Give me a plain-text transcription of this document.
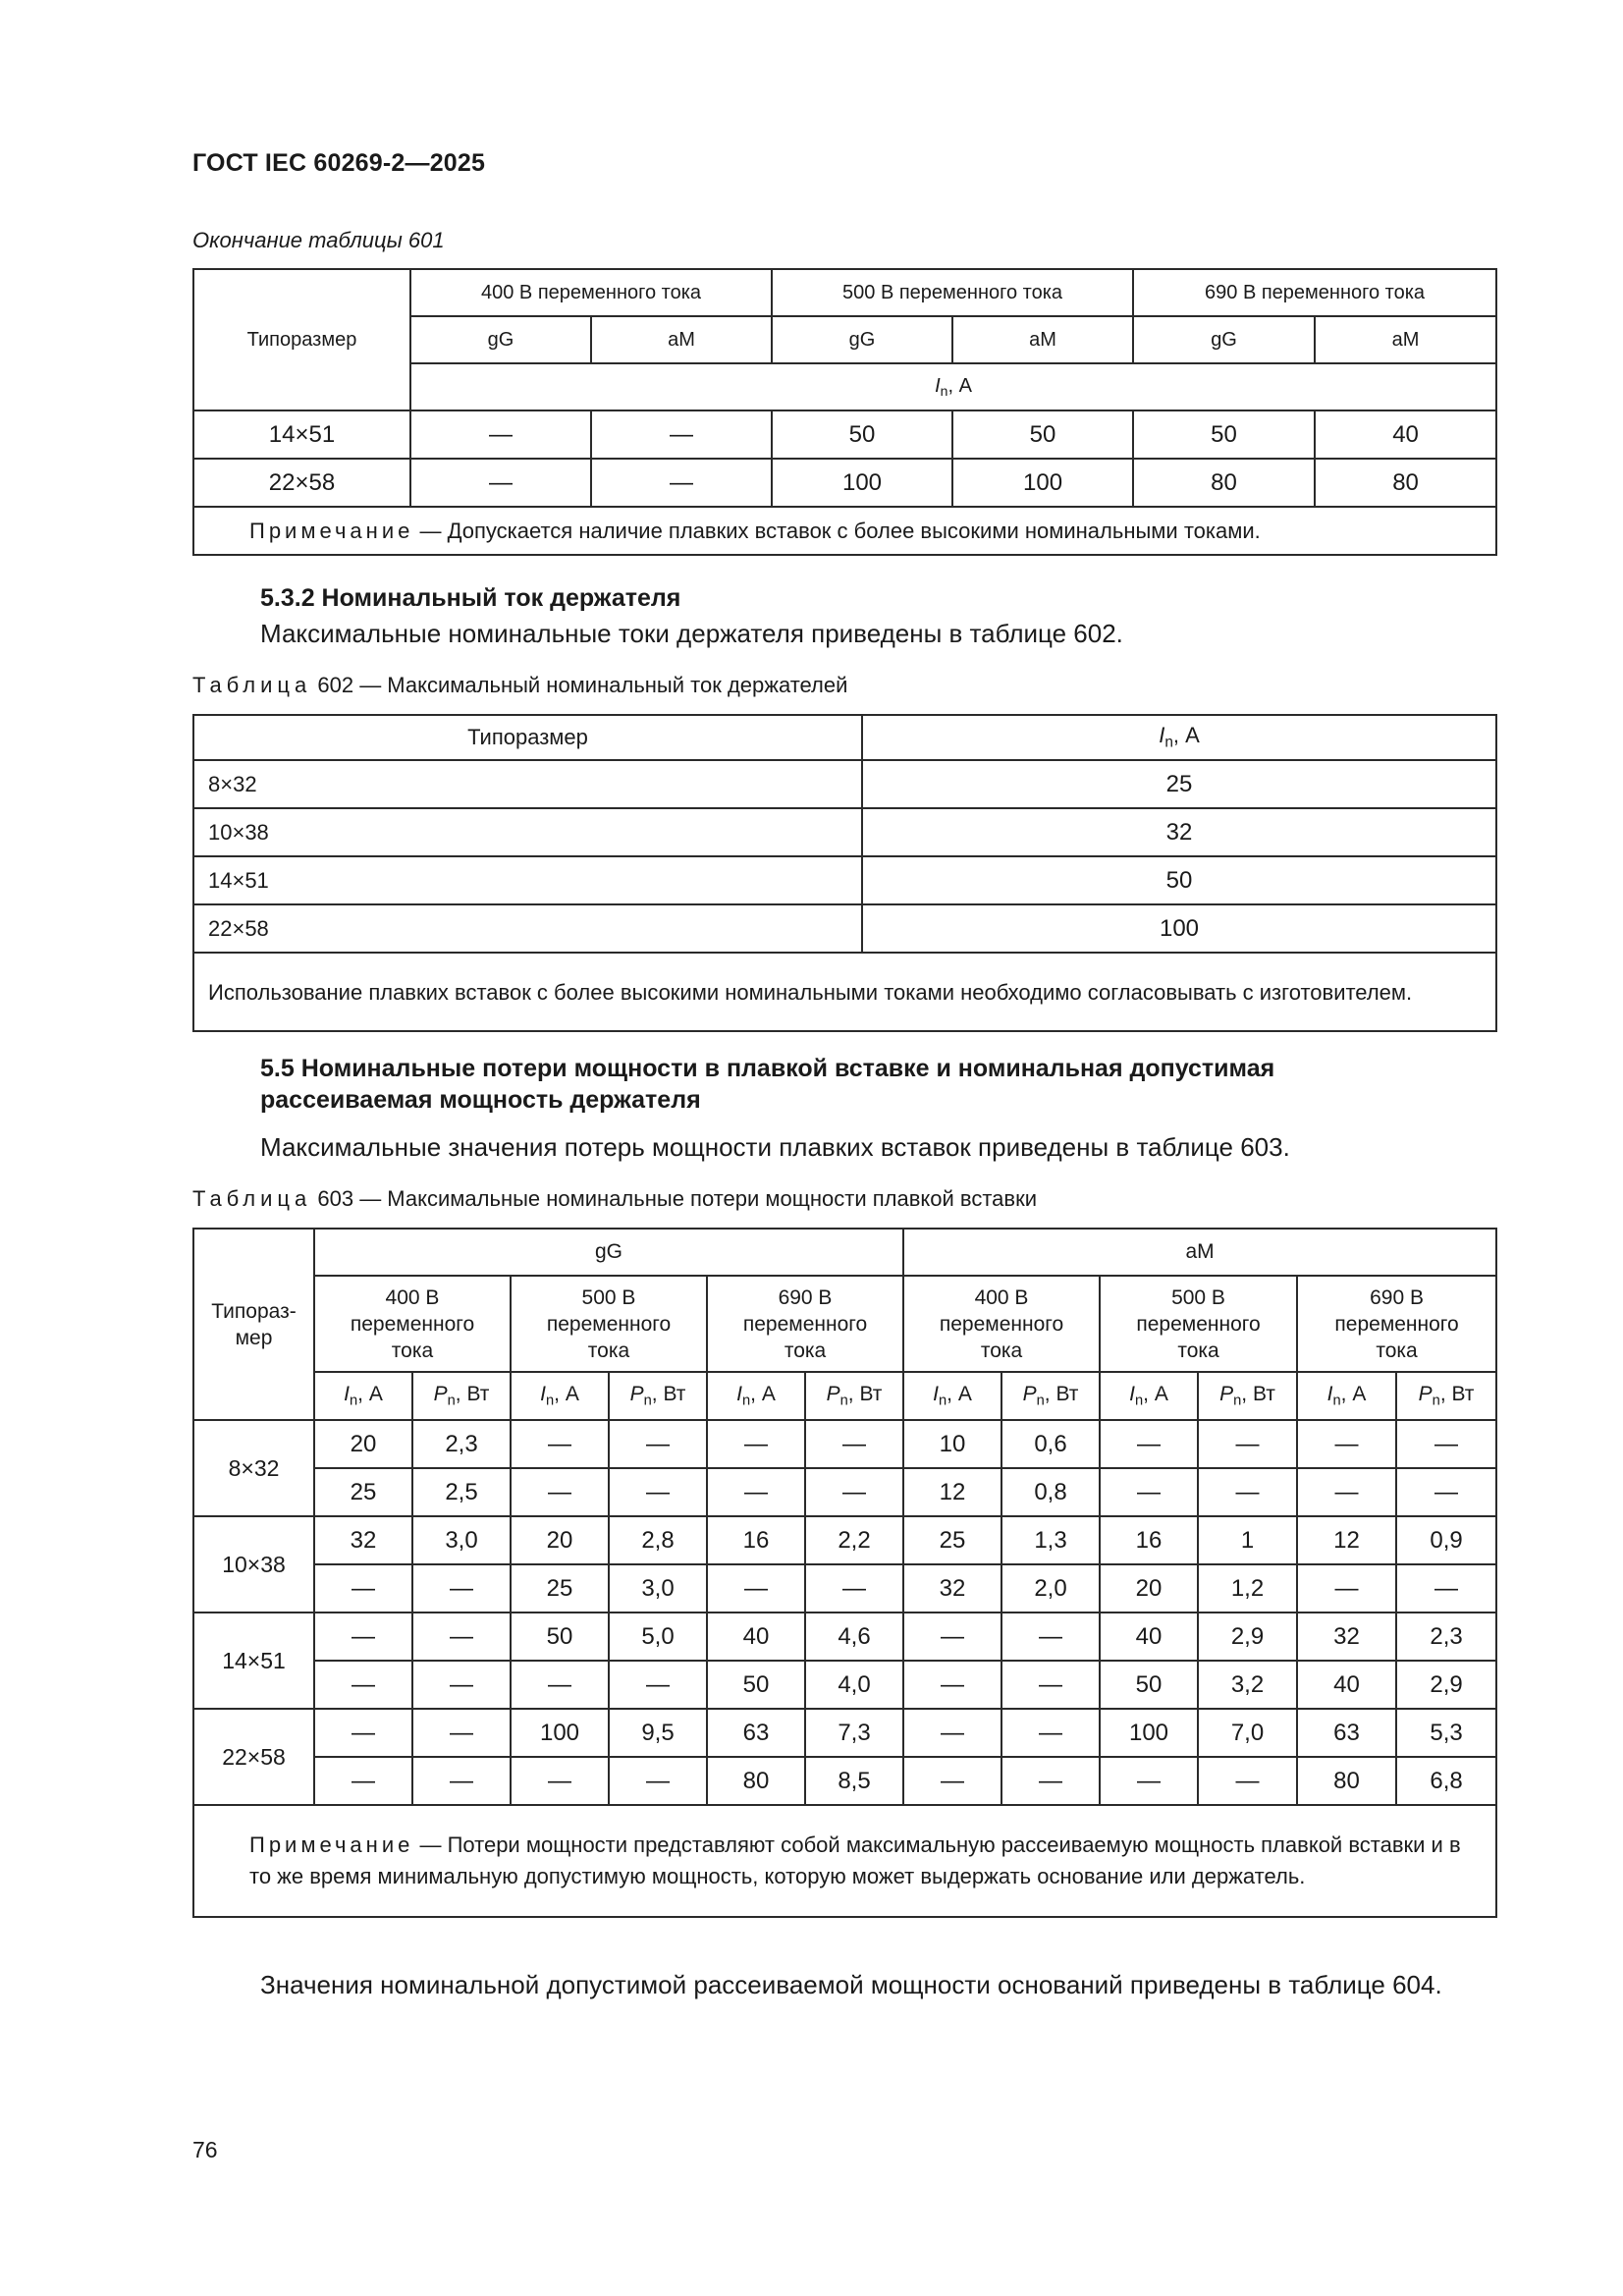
ГОСТ IEC 60269-2—2025
Окончание таблицы 601
Типоразмер	400 В переменного тока		500 В переменного тока		690 В переменного тока	
	gG	aM	gG	aM	gG	aM
	$I_n$, А					
14×51	—	—	50	50	50	40
22×58	—	—	100	100	80	80
Примечание — Допускается наличие плавких вставок с более высокими номинальными токами.						
5.3.2 Номинальный ток держателя
Максимальные номинальные токи держателя приведены в таблице 602.
Таблица 602 — Максимальный номинальный ток держателей
Типоразмер	$I_n$, А
8×32	25
10×38	32
14×51	50
22×58	100
Использование плавких вставок с более высокими номинальными токами необходимо согласовывать с изготовителем.	
5.5 Номинальные потери мощности в плавкой вставке и номинальная допустимая
рассеиваемая мощность держателя
Максимальные значения потерь мощности плавких вставок приведены в таблице 603.
Таблица 603 — Максимальные номинальные потери мощности плавкой вставки
Типораз-мер	gG						aM					
	400 В переменного тока		500 В переменного тока		690 В переменного тока		400 В переменного тока		500 В переменного тока		690 В переменного тока	
	$I_n$, А	$P_n$, Вт	$I_n$, А	$P_n$, Вт	$I_n$, А	$P_n$, Вт	$I_n$, А	$P_n$, Вт	$I_n$, А	$P_n$, Вт	$I_n$, А	$P_n$, Вт
8×32	20	2,3	—	—	—	—	10	0,6	—	—	—	—
	25	2,5	—	—	—	—	12	0,8	—	—	—	—
10×38	32	3,0	20	2,8	16	2,2	25	1,3	16	1	12	0,9
	—	—	25	3,0	—	—	32	2,0	20	1,2	—	—
14×51	—	—	50	5,0	40	4,6	—	—	40	2,9	32	2,3
	—	—	—	—	50	4,0	—	—	50	3,2	40	2,9
22×58	—	—	100	9,5	63	7,3	—	—	100	7,0	63	5,3
	—	—	—	—	80	8,5	—	—	—	—	80	6,8
Примечание — Потери мощности представляют собой максимальную рассеиваемую мощность плавкой вставки и в то же время минимальную допустимую мощность, которую может выдержать основание или держатель.												
Значения номинальной допустимой рассеиваемой мощности оснований приведены в таблице 604.
76
